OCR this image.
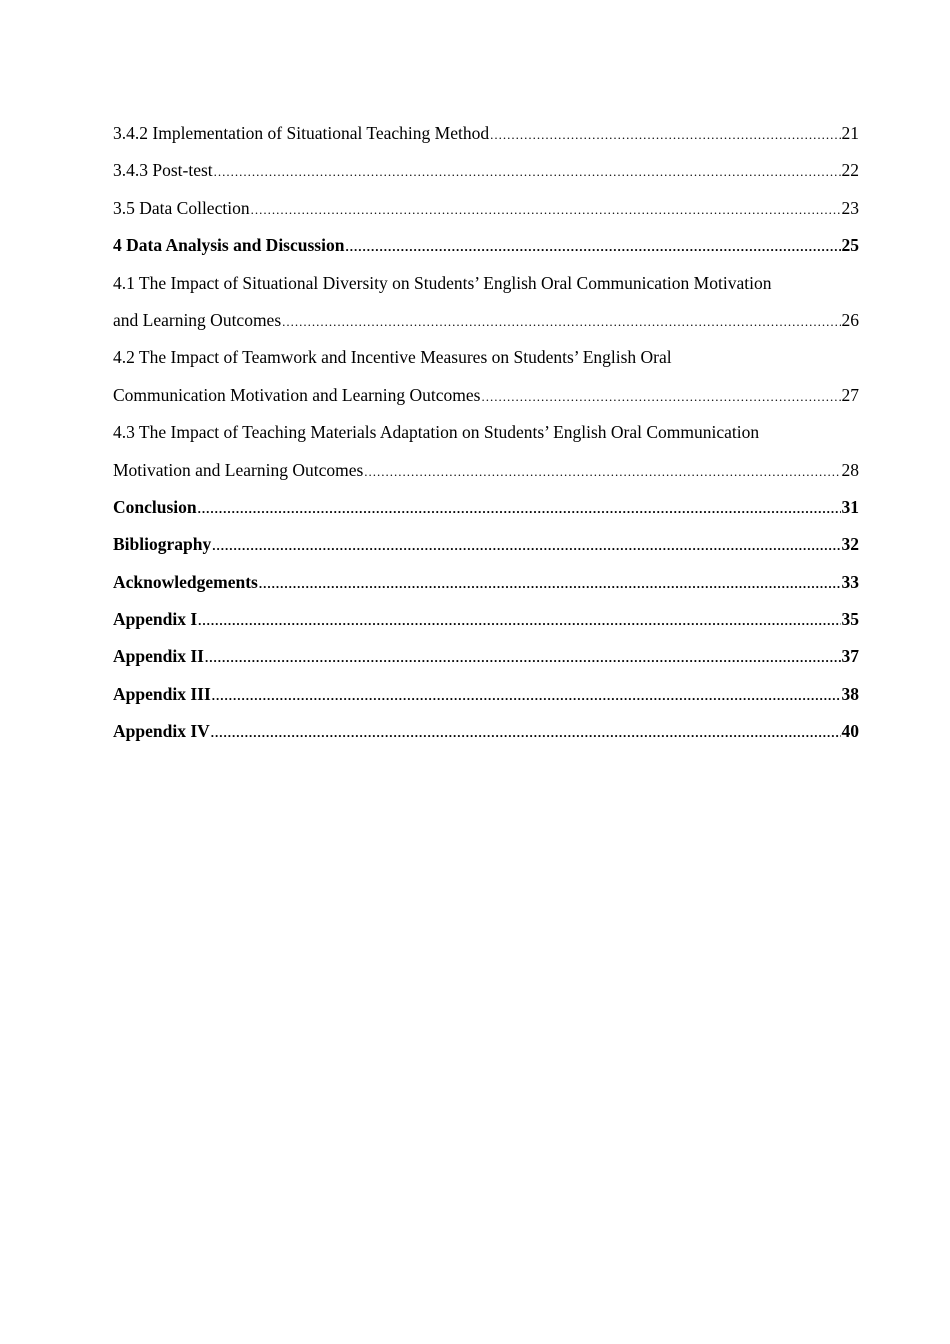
3.4.2 Implementation of Situational Teaching Method .....	21
3.4.3 Post-test .....	22
3.5 Data Collection .....	23
4 Data Analysis and Discussion .....	25
4.1 The Impact of Situational Diversity on Students’ English Oral Communication Motivation
and Learning Outcomes .....	26
4.2 The Impact of Teamwork and Incentive Measures on Students’ English Oral
Communication Motivation and Learning Outcomes .....	27
4.3 The Impact of Teaching Materials Adaptation on Students’ English Oral Communication
Motivation and Learning Outcomes .....	28
Conclusion .....	31
Bibliography .....	32
Acknowledgements .....	33
Appendix I .....	35
Appendix II .....	37
Appendix III .....	38
Appendix IV .....	40
